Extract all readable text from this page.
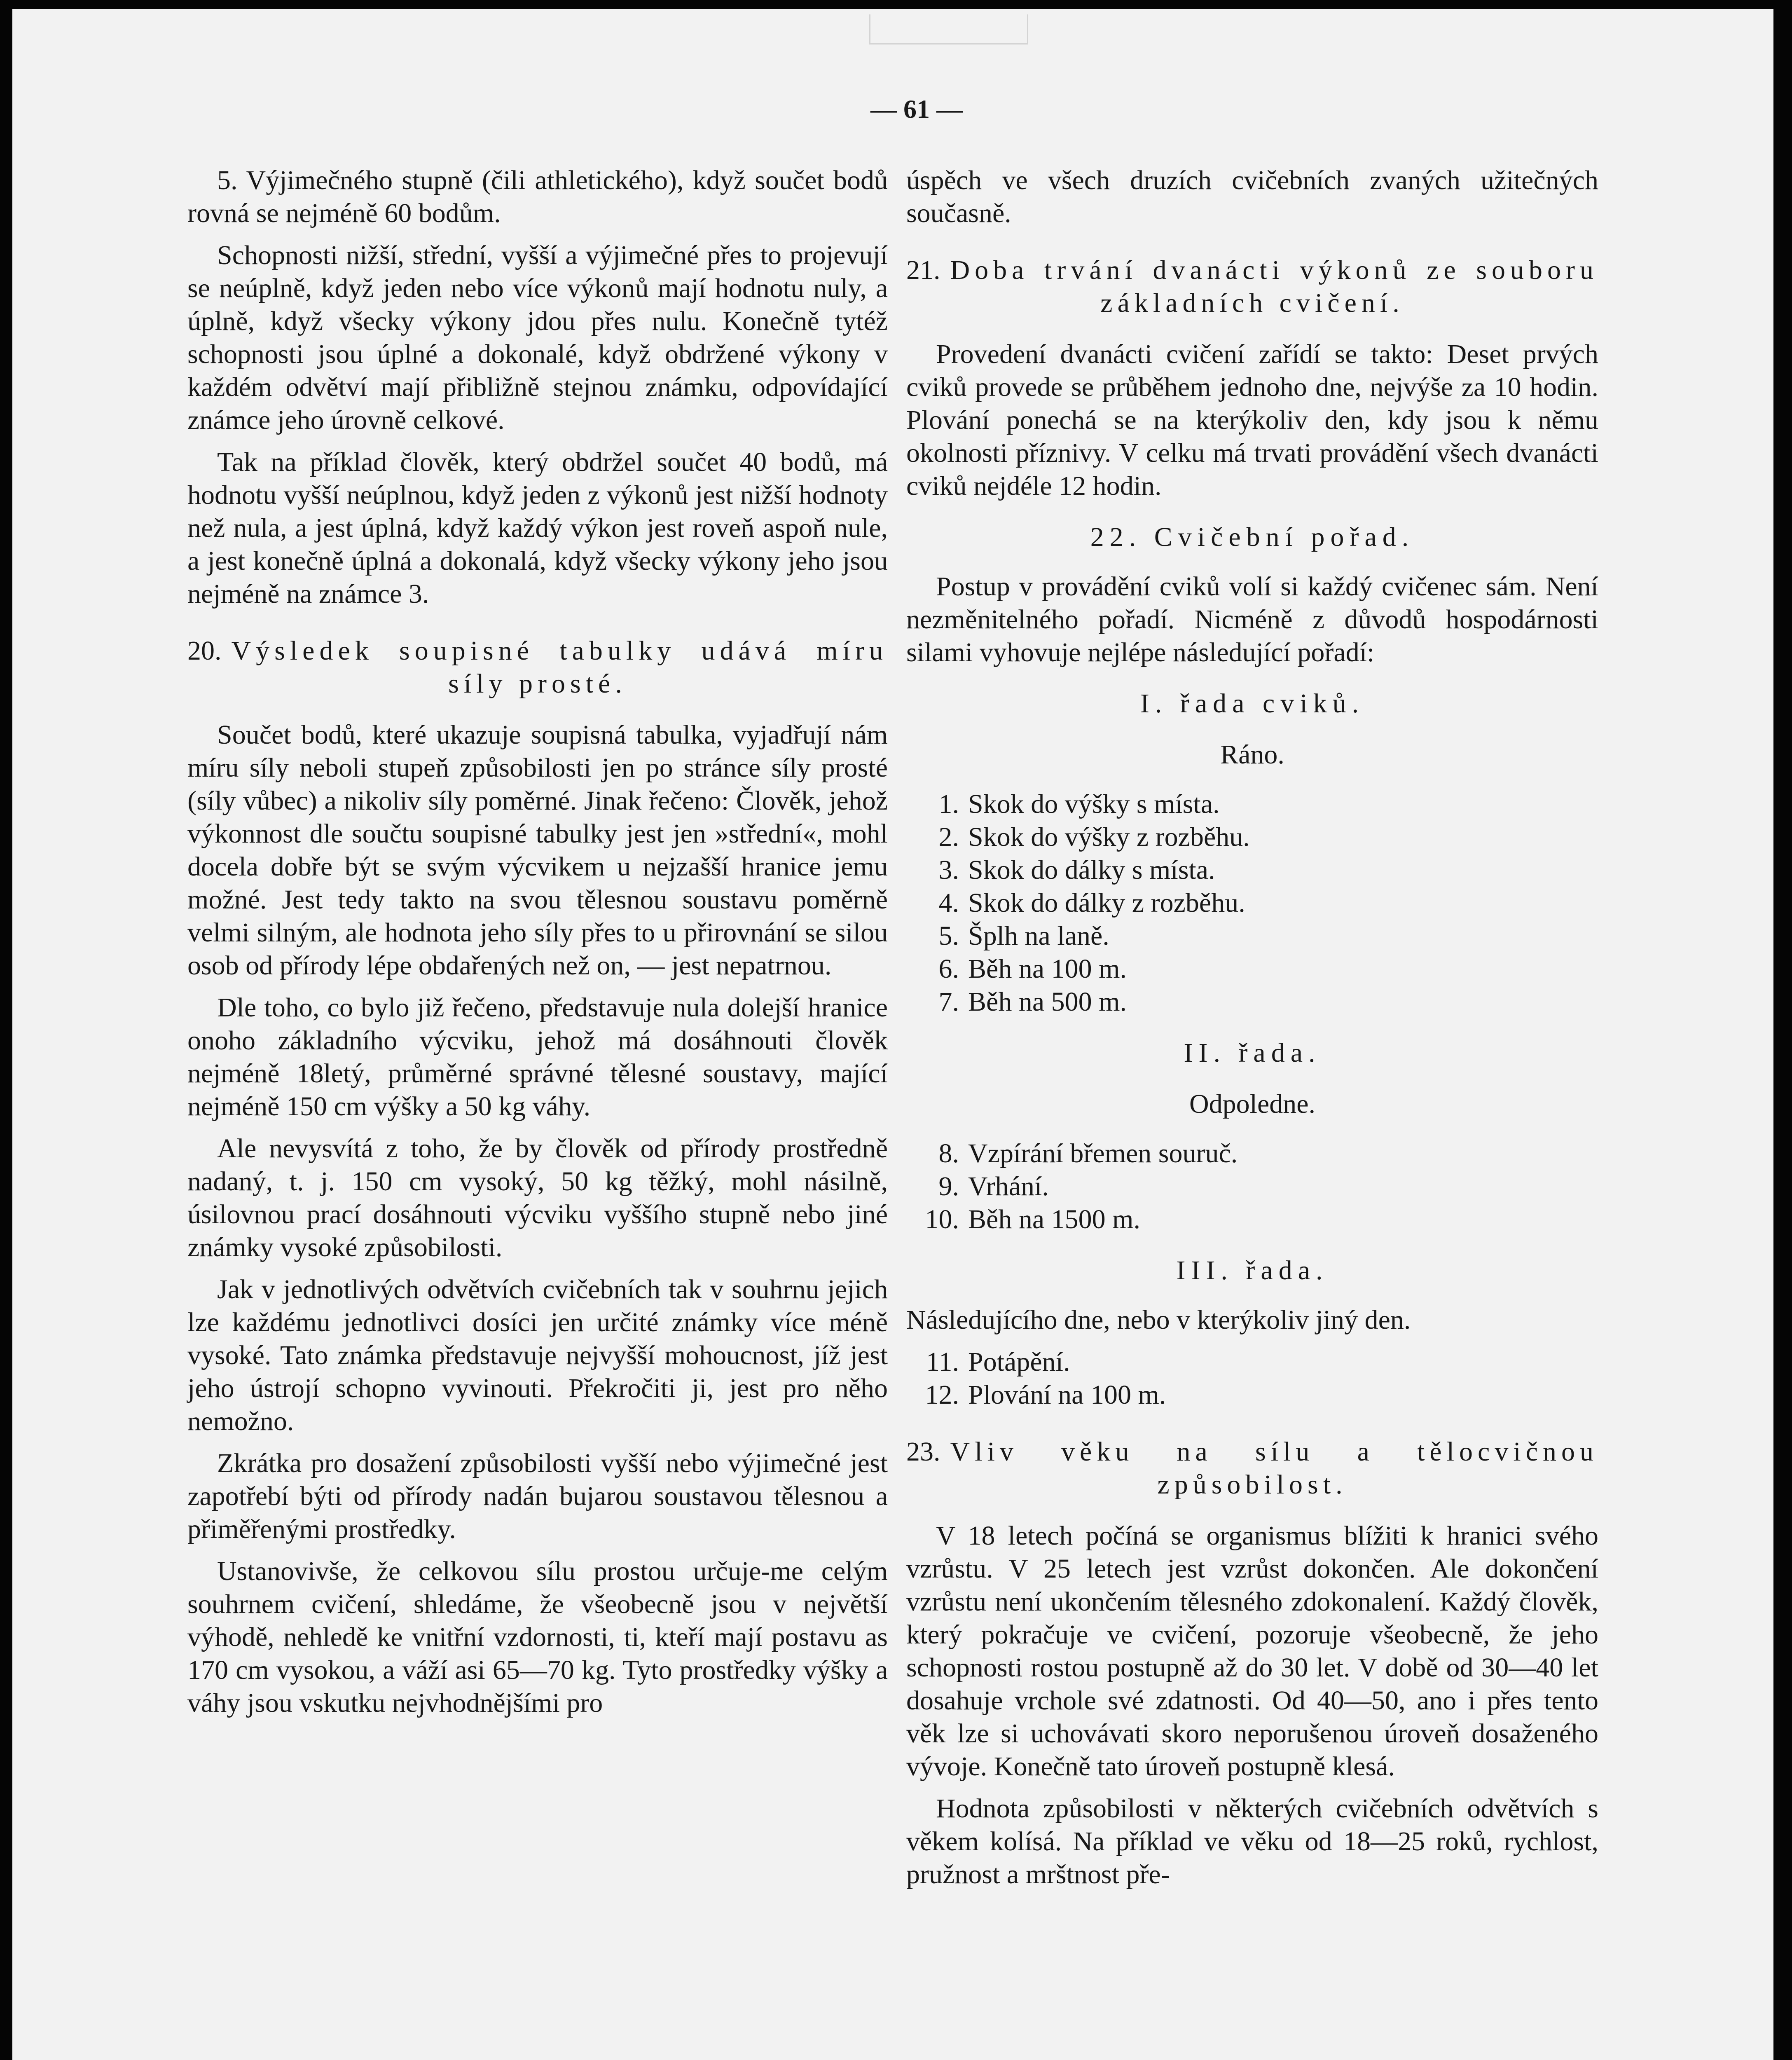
— 61 —

5. Výjimečného stupně (čili athletického), když součet bodů rovná se nejméně 60 bodům.

Schopnosti nižší, střední, vyšší a výjimečné přes to projevují se neúplně, když jeden nebo více výkonů mají hodnotu nuly, a úplně, když všecky výkony jdou přes nulu. Konečně tytéž schopnosti jsou úplné a dokonalé, když obdržené výkony v každém odvětví mají přibližně stejnou známku, odpovídající známce jeho úrovně celkové.

Tak na příklad člověk, který obdržel součet 40 bodů, má hodnotu vyšší neúplnou, když jeden z výkonů jest nižší hodnoty než nula, a jest úplná, když každý výkon jest roveň aspoň nule, a jest konečně úplná a dokonalá, když všecky výkony jeho jsou nejméně na známce 3.

20. Výsledek soupisné tabulky udává míru síly prosté.

Součet bodů, které ukazuje soupisná tabulka, vyjadřují nám míru síly neboli stupeň způsobilosti jen po stránce síly prosté (síly vůbec) a nikoliv síly poměrné. Jinak řečeno: Člověk, jehož výkonnost dle součtu soupisné tabulky jest jen »střední«, mohl docela dobře být se svým výcvikem u nejzašší hranice jemu možné. Jest tedy takto na svou tělesnou soustavu poměrně velmi silným, ale hodnota jeho síly přes to u přirovnání se silou osob od přírody lépe obdařených než on, — jest nepatrnou.

Dle toho, co bylo již řečeno, představuje nula dolejší hranice onoho základního výcviku, jehož má dosáhnouti člověk nejméně 18letý, průměrné správné tělesné soustavy, mající nejméně 150 cm výšky a 50 kg váhy.

Ale nevysvítá z toho, že by člověk od přírody prostředně nadaný, t. j. 150 cm vysoký, 50 kg těžký, mohl násilně, úsilovnou prací dosáhnouti výcviku vyššího stupně nebo jiné známky vysoké způsobilosti.

Jak v jednotlivých odvětvích cvičebních tak v souhrnu jejich lze každému jednotlivci dosíci jen určité známky více méně vysoké. Tato známka představuje nejvyšší mohoucnost, jíž jest jeho ústrojí schopno vyvinouti. Překročiti ji, jest pro něho nemožno.

Zkrátka pro dosažení způsobilosti vyšší nebo výjimečné jest zapotřebí býti od přírody nadán bujarou soustavou tělesnou a přiměřenými prostředky.

Ustanovivše, že celkovou sílu prostou určuje-me celým souhrnem cvičení, shledáme, že všeobecně jsou v největší výhodě, nehledě ke vnitřní vzdornosti, ti, kteří mají postavu as 170 cm vysokou, a váží asi 65—70 kg. Tyto prostředky výšky a váhy jsou vskutku nejvhodnějšími pro

úspěch ve všech druzích cvičebních zvaných užitečných současně.

21. Doba trvání dvanácti výkonů ze souboru základních cvičení.

Provedení dvanácti cvičení zařídí se takto: Deset prvých cviků provede se průběhem jednoho dne, nejvýše za 10 hodin. Plování ponechá se na kterýkoliv den, kdy jsou k němu okolnosti příznivy. V celku má trvati provádění všech dvanácti cviků nejdéle 12 hodin.

22. Cvičební pořad.

Postup v provádění cviků volí si každý cvičenec sám. Není nezměnitelného pořadí. Nicméně z důvodů hospodárnosti silami vyhovuje nejlépe následující pořadí:

I. řada cviků.
Ráno.
1. Skok do výšky s místa.
2. Skok do výšky z rozběhu.
3. Skok do dálky s místa.
4. Skok do dálky z rozběhu.
5. Šplh na laně.
6. Běh na 100 m.
7. Běh na 500 m.
II. řada.
Odpoledne.
8. Vzpírání břemen souruč.
9. Vrhání.
10. Běh na 1500 m.
III. řada.

Následujícího dne, nebo v kterýkoliv jiný den.

11. Potápění.
12. Plování na 100 m.
23. Vliv věku na sílu a tělocvičnou způsobilost.

V 18 letech počíná se organismus blížiti k hranici svého vzrůstu. V 25 letech jest vzrůst dokončen. Ale dokončení vzrůstu není ukončením tělesného zdokonalení. Každý člověk, který pokračuje ve cvičení, pozoruje všeobecně, že jeho schopnosti rostou postupně až do 30 let. V době od 30—40 let dosahuje vrchole své zdatnosti. Od 40—50, ano i přes tento věk lze si uchovávati skoro neporušenou úroveň dosaženého vývoje. Konečně tato úroveň postupně klesá.

Hodnota způsobilosti v některých cvičebních odvětvích s věkem kolísá. Na příklad ve věku od 18—25 roků, rychlost, pružnost a mrštnost pře-
